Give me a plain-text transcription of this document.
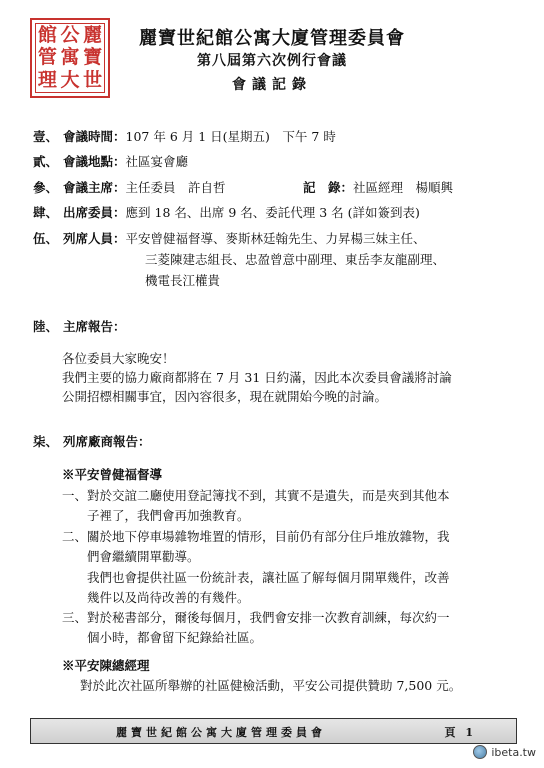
館 公 麗
管 寓 寶
理 大 世
麗寶世紀館公寓大廈管理委員會
第八屆第六次例行會議
會議記錄
壹、 會議時間：107 年 6 月 1 日(星期五)　下午 7 時
貳、 會議地點：社區宴會廳
參、 會議主席：主任委員　許自哲	記　錄：社區經理　楊順興
肆、 出席委員：應到 18 名、出席 9 名、委託代理 3 名 (詳如簽到表)
伍、 列席人員：平安曾健福督導、麥斯林廷翰先生、力昇楊三妹主任、
三菱陳建志組長、忠盈曾意中副理、東岳李友龍副理、
機電長江權貴
陸、 主席報告：
各位委員大家晚安！
我們主要的協力廠商都將在 7 月 31 日約滿，因此本次委員會議將討論
公開招標相關事宜，因內容很多，現在就開始今晚的討論。
柒、 列席廠商報告：
※平安曾健福督導
一、對於交誼二廳使用登記簿找不到，其實不是遺失，而是夾到其他本
　　子裡了，我們會再加強教育。
二、關於地下停車場雜物堆置的情形，目前仍有部分住戶堆放雜物，我
　　們會繼續開單勸導。
　　我們也會提供社區一份統計表，讓社區了解每個月開單幾件，改善
　　幾件以及尚待改善的有幾件。
三、對於秘書部分，爾後每個月，我們會安排一次教育訓練，每次約一
　　個小時，都會留下紀錄給社區。
※平安陳總經理
對於此次社區所舉辦的社區健檢活動，平安公司提供贊助 7,500 元。
麗寶世紀館公寓大廈管理委員會	頁 1
ibeta.tw
